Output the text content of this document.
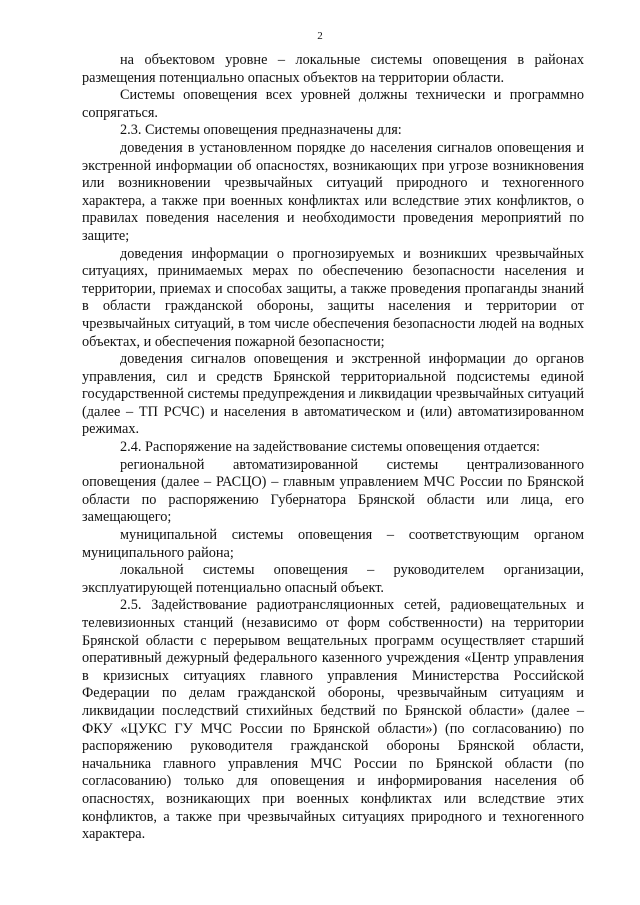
2

на объектовом уровне – локальные системы оповещения в районах размещения потенциально опасных объектов на территории области.

Системы оповещения всех уровней должны технически и программно сопрягаться.

2.3. Системы оповещения предназначены для:

доведения в установленном порядке до населения сигналов оповещения и экстренной информации об опасностях, возникающих при угрозе возникновения или возникновении чрезвычайных ситуаций природного и техногенного характера, а также при военных конфликтах или вследствие этих конфликтов, о правилах поведения населения и необходимости проведения мероприятий по защите;

доведения информации о прогнозируемых и возникших чрезвычайных ситуациях, принимаемых мерах по обеспечению безопасности населения и территории, приемах и способах защиты, а также проведения пропаганды знаний в области гражданской обороны, защиты населения и территории от чрезвычайных ситуаций, в том числе обеспечения безопасности людей на водных объектах, и обеспечения пожарной безопасности;

доведения сигналов оповещения и экстренной информации до органов управления, сил и средств Брянской территориальной подсистемы единой государственной системы предупреждения и ликвидации чрезвычайных ситуаций (далее – ТП РСЧС) и населения в автоматическом и (или) автоматизированном режимах.

2.4. Распоряжение на задействование системы оповещения отдается:

региональной автоматизированной системы централизованного оповещения (далее – РАСЦО) – главным управлением МЧС России по Брянской области по распоряжению Губернатора Брянской области или лица, его замещающего;

муниципальной системы оповещения – соответствующим органом муниципального района;

локальной системы оповещения – руководителем организации, эксплуатирующей потенциально опасный объект.

2.5. Задействование радиотрансляционных сетей, радиовещательных и телевизионных станций (независимо от форм собственности) на территории Брянской области с перерывом вещательных программ осуществляет старший оперативный дежурный федерального казенного учреждения «Центр управления в кризисных ситуациях главного управления Министерства Российской Федерации по делам гражданской обороны, чрезвычайным ситуациям и ликвидации последствий стихийных бедствий по Брянской области» (далее – ФКУ «ЦУКС ГУ МЧС России по Брянской области») (по согласованию) по распоряжению руководителя гражданской обороны Брянской области, начальника главного управления МЧС России по Брянской области (по согласованию) только для оповещения и информирования населения об опасностях, возникающих при военных конфликтах или вследствие этих конфликтов, а также при чрезвычайных ситуациях природного и техногенного характера.
